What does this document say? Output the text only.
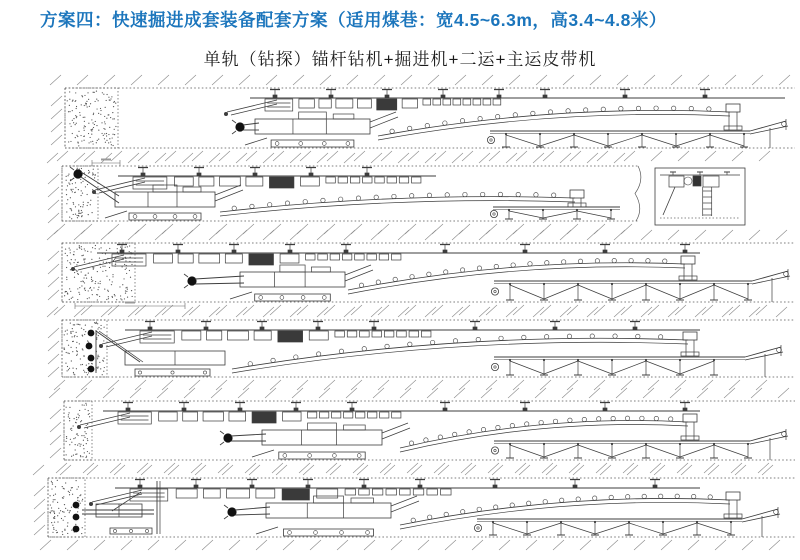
方案四：快速掘进成套装备配套方案（适用煤巷：宽4.5~6.3m，高3.4~4.8米）
单轨（钻探）锚杆钻机+掘进机+二运+主运皮带机
